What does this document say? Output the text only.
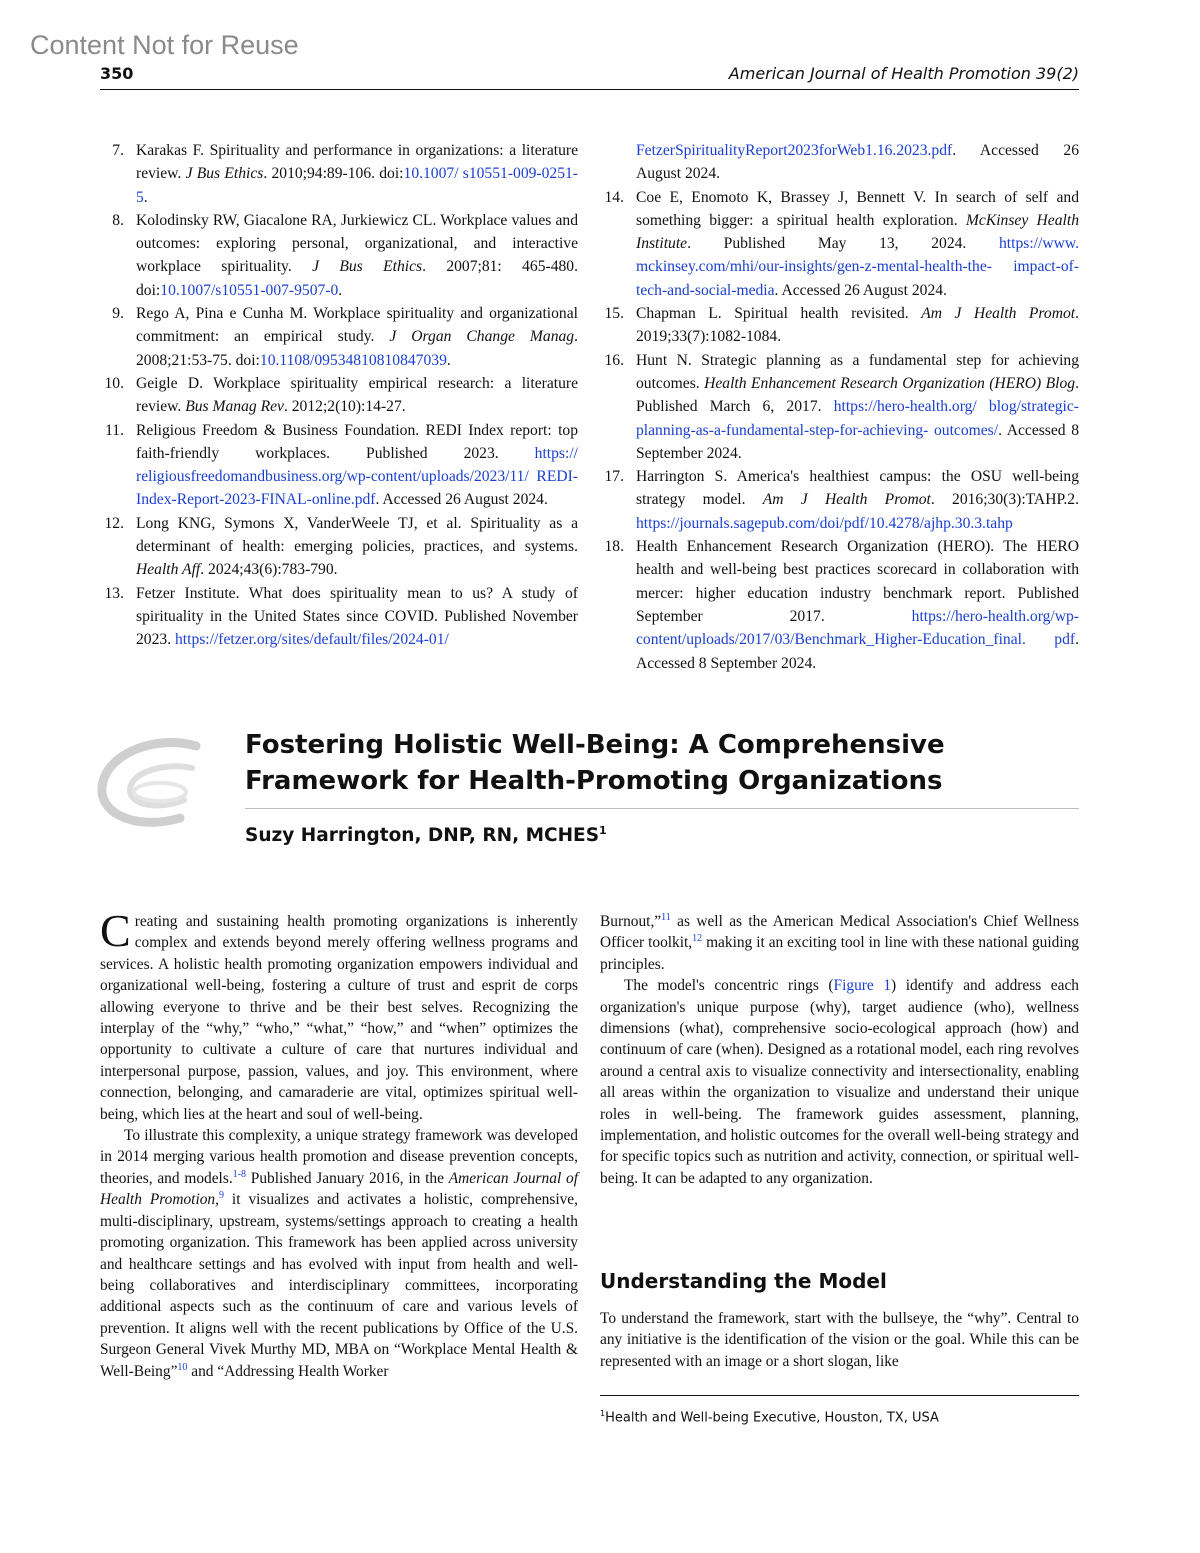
Content Not for Reuse
350	American Journal of Health Promotion 39(2)
7. Karakas F. Spirituality and performance in organizations: a literature review. J Bus Ethics. 2010;94:89-106. doi:10.1007/ s10551-009-0251-5.
8. Kolodinsky RW, Giacalone RA, Jurkiewicz CL. Workplace values and outcomes: exploring personal, organizational, and interactive workplace spirituality. J Bus Ethics. 2007;81: 465-480. doi:10.1007/s10551-007-9507-0.
9. Rego A, Pina e Cunha M. Workplace spirituality and organizational commitment: an empirical study. J Organ Change Manag. 2008;21:53-75. doi:10.1108/09534810810847039.
10. Geigle D. Workplace spirituality empirical research: a literature review. Bus Manag Rev. 2012;2(10):14-27.
11. Religious Freedom & Business Foundation. REDI Index report: top faith-friendly workplaces. Published 2023. https:// religiousfreedomandbusiness.org/wp-content/uploads/2023/11/ REDI-Index-Report-2023-FINAL-online.pdf. Accessed 26 August 2024.
12. Long KNG, Symons X, VanderWeele TJ, et al. Spirituality as a determinant of health: emerging policies, practices, and systems. Health Aff. 2024;43(6):783-790.
13. Fetzer Institute. What does spirituality mean to us? A study of spirituality in the United States since COVID. Published November 2023. https://fetzer.org/sites/default/files/2024-01/
FetzerSpiritualityReport2023forWeb1.16.2023.pdf. Accessed 26 August 2024.
14. Coe E, Enomoto K, Brassey J, Bennett V. In search of self and something bigger: a spiritual health exploration. McKinsey Health Institute. Published May 13, 2024. https://www. mckinsey.com/mhi/our-insights/gen-z-mental-health-the- impact-of-tech-and-social-media. Accessed 26 August 2024.
15. Chapman L. Spiritual health revisited. Am J Health Promot. 2019;33(7):1082-1084.
16. Hunt N. Strategic planning as a fundamental step for achieving outcomes. Health Enhancement Research Organization (HERO) Blog. Published March 6, 2017. https://hero-health.org/ blog/strategic-planning-as-a-fundamental-step-for-achieving- outcomes/. Accessed 8 September 2024.
17. Harrington S. America's healthiest campus: the OSU well-being strategy model. Am J Health Promot. 2016;30(3):TAHP.2. https://journals.sagepub.com/doi/pdf/10.4278/ajhp.30.3.tahp
18. Health Enhancement Research Organization (HERO). The HERO health and well-being best practices scorecard in collaboration with mercer: higher education industry benchmark report. Published September 2017. https://hero-health.org/wp- content/uploads/2017/03/Benchmark_Higher-Education_final. pdf. Accessed 8 September 2024.
Fostering Holistic Well-Being: A Comprehensive
Framework for Health-Promoting Organizations
Suzy Harrington, DNP, RN, MCHES$^1$

Creating and sustaining health promoting organizations is inherently complex and extends beyond merely offering wellness programs and services. A holistic health promoting organization empowers individual and organizational well-being, fostering a culture of trust and esprit de corps allowing everyone to thrive and be their best selves. Recognizing the interplay of the “why,” “who,” “what,” “how,” and “when” optimizes the opportunity to cultivate a culture of care that nurtures individual and interpersonal purpose, passion, values, and joy. This environment, where connection, belonging, and camaraderie are vital, optimizes spiritual well-being, which lies at the heart and soul of well-being.

To illustrate this complexity, a unique strategy framework was developed in 2014 merging various health promotion and disease prevention concepts, theories, and models.$^{1-8}$ Published January 2016, in the American Journal of Health Promotion,$^9$ it visualizes and activates a holistic, comprehensive, multi-disciplinary, upstream, systems/settings approach to creating a health promoting organization. This framework has been applied across university and healthcare settings and has evolved with input from health and well-being collaboratives and interdisciplinary committees, incorporating additional aspects such as the continuum of care and various levels of prevention. It aligns well with the recent publications by Office of the U.S. Surgeon General Vivek Murthy MD, MBA on “Workplace Mental Health & Well-Being”$^{10}$ and “Addressing Health Worker

Burnout,”$^{11}$ as well as the American Medical Association's Chief Wellness Officer toolkit,$^{12}$ making it an exciting tool in line with these national guiding principles.

The model's concentric rings (Figure 1) identify and address each organization's unique purpose (why), target audience (who), wellness dimensions (what), comprehensive socio-ecological approach (how) and continuum of care (when). Designed as a rotational model, each ring revolves around a central axis to visualize connectivity and intersectionality, enabling all areas within the organization to visualize and understand their unique roles in well-being. The framework guides assessment, planning, implementation, and holistic outcomes for the overall well-being strategy and for specific topics such as nutrition and activity, connection, or spiritual well-being. It can be adapted to any organization.

Understanding the Model
To understand the framework, start with the bullseye, the “why”. Central to any initiative is the identification of the vision or the goal. While this can be represented with an image or a short slogan, like
$^1$Health and Well-being Executive, Houston, TX, USA
